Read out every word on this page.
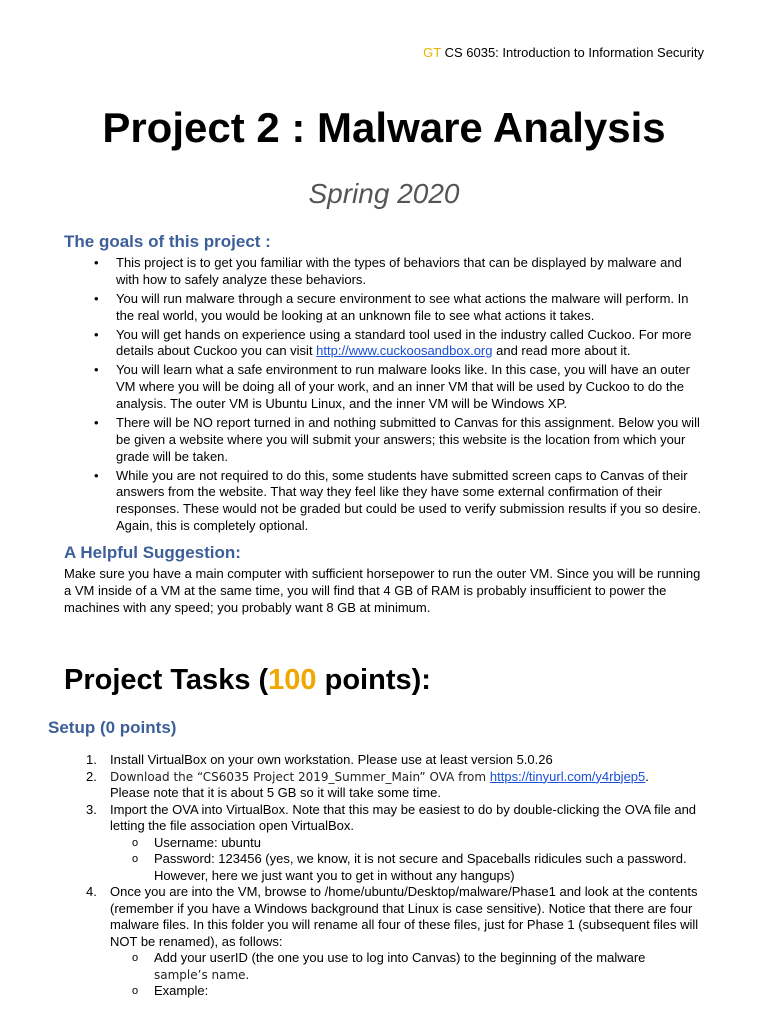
GT CS 6035: Introduction to Information Security
Project 2 : Malware Analysis
Spring 2020
The goals of this project :
• This project is to get you familiar with the types of behaviors that can be displayed by malware and with how to safely analyze these behaviors.
• You will run malware through a secure environment to see what actions the malware will perform. In the real world, you would be looking at an unknown file to see what actions it takes.
• You will get hands on experience using a standard tool used in the industry called Cuckoo. For more details about Cuckoo you can visit http://www.cuckoosandbox.org and read more about it.
• You will learn what a safe environment to run malware looks like. In this case, you will have an outer VM where you will be doing all of your work, and an inner VM that will be used by Cuckoo to do the analysis. The outer VM is Ubuntu Linux, and the inner VM will be Windows XP.
• There will be NO report turned in and nothing submitted to Canvas for this assignment. Below you will be given a website where you will submit your answers; this website is the location from which your grade will be taken.
• While you are not required to do this, some students have submitted screen caps to Canvas of their answers from the website. That way they feel like they have some external confirmation of their responses. These would not be graded but could be used to verify submission results if you so desire. Again, this is completely optional.
A Helpful Suggestion:
Make sure you have a main computer with sufficient horsepower to run the outer VM. Since you will be running a VM inside of a VM at the same time, you will find that 4 GB of RAM is probably insufficient to power the machines with any speed; you probably want 8 GB at minimum.
Project Tasks (100 points):
Setup (0 points)
1. Install VirtualBox on your own workstation. Please use at least version 5.0.26
2. Download the “CS6035 Project 2019_Summer_Main” OVA from https://tinyurl.com/y4rbjep5.
Please note that it is about 5 GB so it will take some time.
3. Import the OVA into VirtualBox. Note that this may be easiest to do by double-clicking the OVA file and letting the file association open VirtualBox.
o Username: ubuntu
o Password: 123456 (yes, we know, it is not secure and Spaceballs ridicules such a password. However, here we just want you to get in without any hangups)
4. Once you are into the VM, browse to /home/ubuntu/Desktop/malware/Phase1 and look at the contents (remember if you have a Windows background that Linux is case sensitive). Notice that there are four malware files. In this folder you will rename all four of these files, just for Phase 1 (subsequent files will NOT be renamed), as follows:
o Add your userID (the one you use to log into Canvas) to the beginning of the malware
sample’s name.
o Example:
